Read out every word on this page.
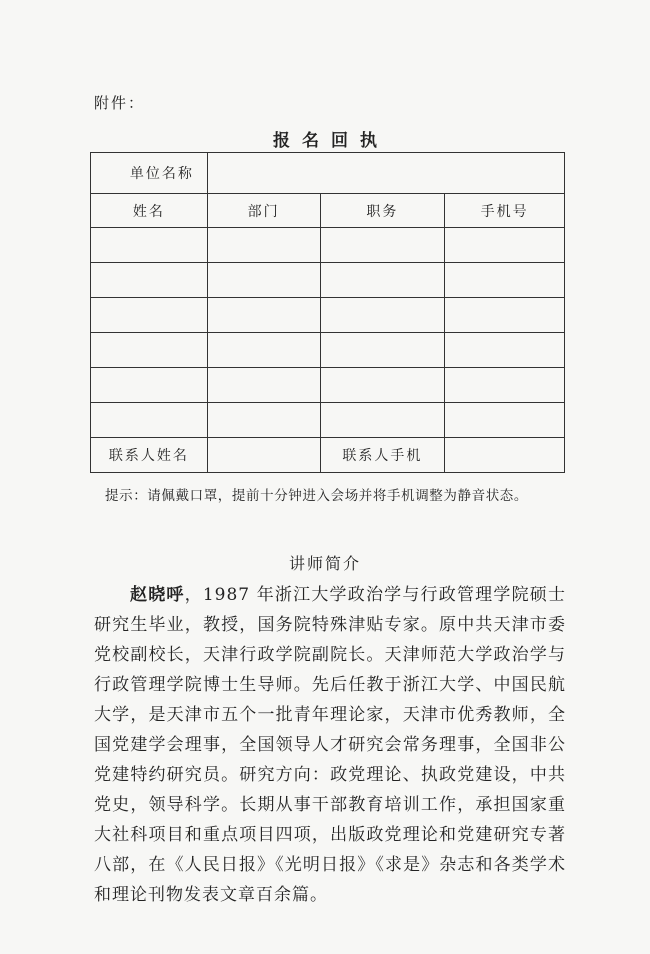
附件：
报名回执
单位名称			
姓名	部门	职务	手机号

联系人姓名		联系人手机	
提示：请佩戴口罩，提前十分钟进入会场并将手机调整为静音状态。
讲师简介
赵晓呼，1987 年浙江大学政治学与行政管理学院硕士研究生毕业，教授，国务院特殊津贴专家。原中共天津市委党校副校长，天津行政学院副院长。天津师范大学政治学与行政管理学院博士生导师。先后任教于浙江大学、中国民航大学，是天津市五个一批青年理论家，天津市优秀教师，全国党建学会理事，全国领导人才研究会常务理事，全国非公党建特约研究员。研究方向：政党理论、执政党建设，中共党史，领导科学。长期从事干部教育培训工作，承担国家重大社科项目和重点项目四项，出版政党理论和党建研究专著八部，在《人民日报》《光明日报》《求是》杂志和各类学术和理论刊物发表文章百余篇。
